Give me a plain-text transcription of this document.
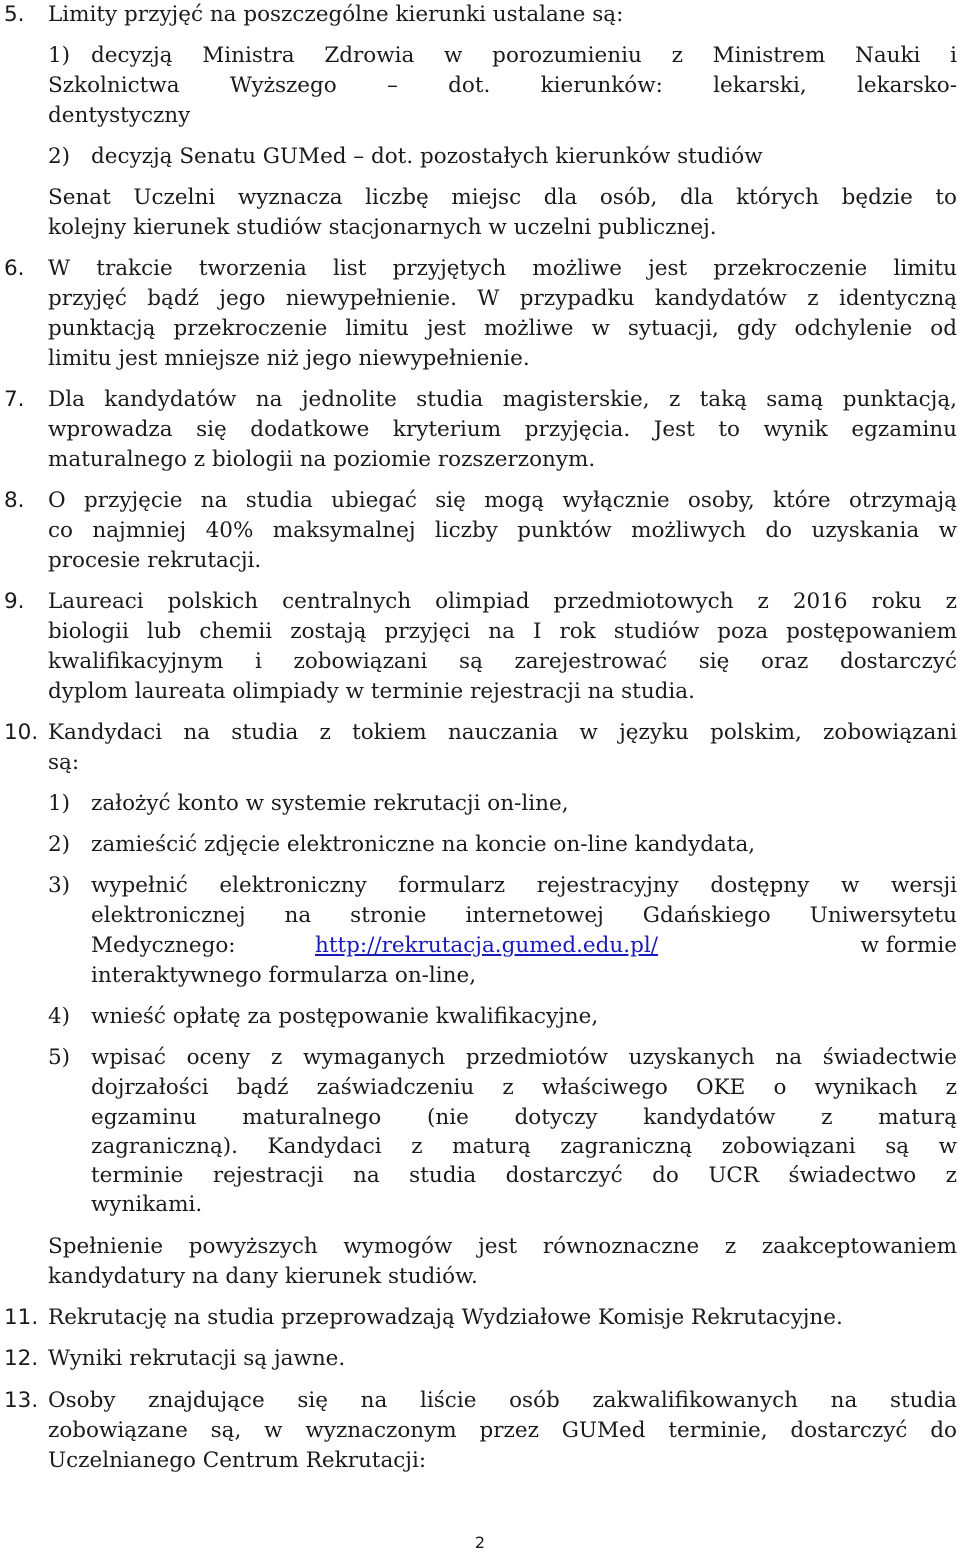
5. Limity przyjęć na poszczególne kierunki ustalane są:
1) decyzją Ministra Zdrowia w porozumieniu z Ministrem Nauki i
Szkolnictwa Wyższego – dot. kierunków: lekarski, lekarsko-
dentystyczny
2) decyzją Senatu GUMed – dot. pozostałych kierunków studiów
Senat Uczelni wyznacza liczbę miejsc dla osób, dla których będzie to
kolejny kierunek studiów stacjonarnych w uczelni publicznej.
6. W trakcie tworzenia list przyjętych możliwe jest przekroczenie limitu
przyjęć bądź jego niewypełnienie. W przypadku kandydatów z identyczną
punktacją przekroczenie limitu jest możliwe w sytuacji, gdy odchylenie od
limitu jest mniejsze niż jego niewypełnienie.
7. Dla kandydatów na jednolite studia magisterskie, z taką samą punktacją,
wprowadza się dodatkowe kryterium przyjęcia. Jest to wynik egzaminu
maturalnego z biologii na poziomie rozszerzonym.
8. O przyjęcie na studia ubiegać się mogą wyłącznie osoby, które otrzymają
co najmniej 40% maksymalnej liczby punktów możliwych do uzyskania w
procesie rekrutacji.
9. Laureaci polskich centralnych olimpiad przedmiotowych z 2016 roku z
biologii lub chemii zostają przyjęci na I rok studiów poza postępowaniem
kwalifikacyjnym i zobowiązani są zarejestrować się oraz dostarczyć
dyplom laureata olimpiady w terminie rejestracji na studia.
10. Kandydaci na studia z tokiem nauczania w języku polskim, zobowiązani
są:
1) założyć konto w systemie rekrutacji on-line,
2) zamieścić zdjęcie elektroniczne na koncie on-line kandydata,
3) wypełnić elektroniczny formularz rejestracyjny dostępny w wersji
elektronicznej na stronie internetowej Gdańskiego Uniwersytetu
Medycznego:	http://rekrutacja.gumed.edu.pl/	w formie
interaktywnego formularza on-line,
4) wnieść opłatę za postępowanie kwalifikacyjne,
5) wpisać oceny z wymaganych przedmiotów uzyskanych na świadectwie
dojrzałości bądź zaświadczeniu z właściwego OKE o wynikach z
egzaminu maturalnego (nie dotyczy kandydatów z maturą
zagraniczną). Kandydaci z maturą zagraniczną zobowiązani są w
terminie rejestracji na studia dostarczyć do UCR świadectwo z
wynikami.
Spełnienie powyższych wymogów jest równoznaczne z zaakceptowaniem
kandydatury na dany kierunek studiów.
11. Rekrutację na studia przeprowadzają Wydziałowe Komisje Rekrutacyjne.
12. Wyniki rekrutacji są jawne.
13. Osoby znajdujące się na liście osób zakwalifikowanych na studia
zobowiązane są, w wyznaczonym przez GUMed terminie, dostarczyć do
Uczelnianego Centrum Rekrutacji:
2
